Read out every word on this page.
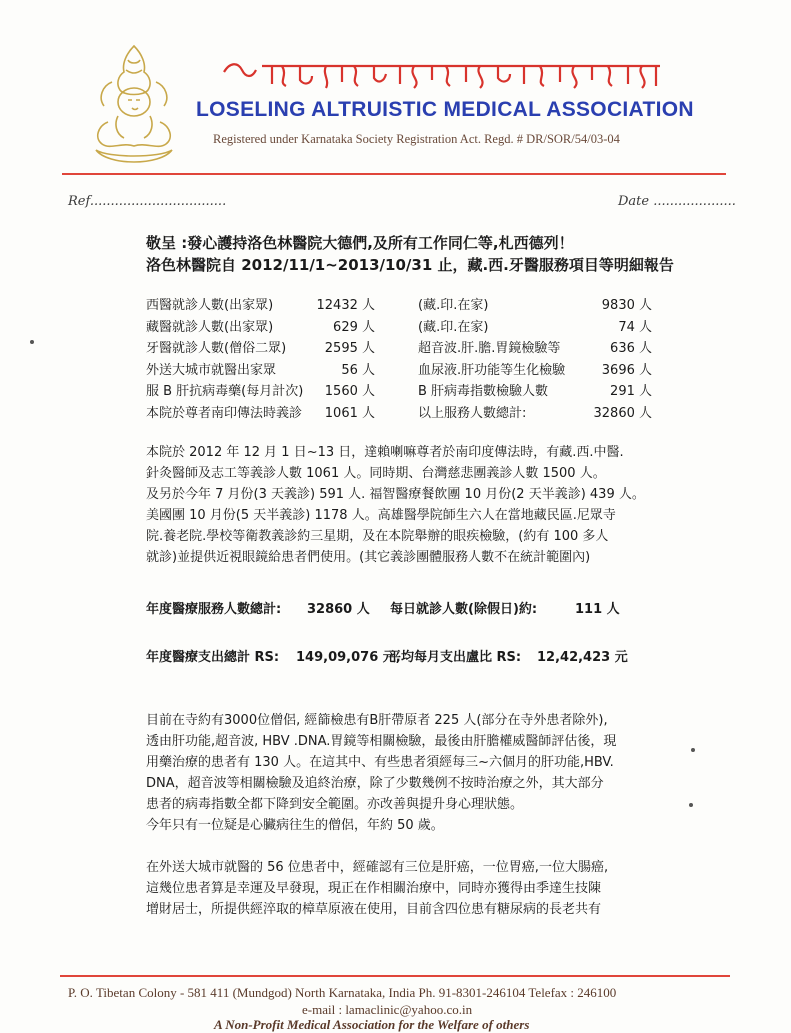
LOSELING ALTRUISTIC MEDICAL ASSOCIATION
Registered under Karnataka Society Registration Act. Regd. # DR/SOR/54/03-04
Ref.................................	Date ....................
敬呈 :發心護持洛色林醫院大德們,及所有工作同仁等,札西德列！
洛色林醫院自 2012/11/1~2013/10/31 止，藏.西.牙醫服務項目等明細報告
西醫就診人數(出家眾)	12432 人	(藏.印.在家)	9830 人
藏醫就診人數(出家眾)	629 人	(藏.印.在家)	74 人
牙醫就診人數(僧俗二眾)	2595 人	超音波.肝.膽.胃鏡檢驗等	636 人
外送大城市就醫出家眾	56 人	血尿液.肝功能等生化檢驗	3696 人
服 B 肝抗病毒藥(每月計次)	1560 人	B 肝病毒指數檢驗人數	291 人
本院於尊者南印傳法時義診	1061 人	以上服務人數總計:	32860 人
本院於 2012 年 12 月 1 日~13 日，達賴喇嘛尊者於南印度傳法時，有藏.西.中醫.
針灸醫師及志工等義診人數 1061 人。同時期、台灣慈悲團義診人數 1500 人。
及另於今年 7 月份(3 天義診) 591 人. 福智醫療餐飲團 10 月份(2 天半義診) 439 人。
美國團 10 月份(5 天半義診) 1178 人。高雄醫學院師生六人在當地藏民區.尼眾寺
院.養老院.學校等衛教義診約三星期，及在本院舉辦的眼疾檢驗，(約有 100 多人
就診)並提供近視眼鏡給患者們使用。(其它義診團體服務人數不在統計範圍內)
年度醫療服務人數總計: 32860 人 每日就診人數(除假日)約:	111 人
年度醫療支出總計 RS: 149,09,076 元,
平均每月支出盧比 RS: 12,42,423 元
目前在寺約有3000位僧侶, 經篩檢患有B肝帶原者 225 人(部分在寺外患者除外),
透由肝功能,超音波, HBV .DNA.胃鏡等相關檢驗，最後由肝膽權威醫師評估後，現
用藥治療的患者有 130 人。在這其中、有些患者須經每三~六個月的肝功能,HBV.
DNA，超音波等相關檢驗及追終治療，除了少數幾例不按時治療之外，其大部分
患者的病毒指數全都下降到安全範圍。亦改善與提升身心理狀態。
今年只有一位疑是心臟病往生的僧侶，年約 50 歲。
在外送大城市就醫的 56 位患者中，經確認有三位是肝癌，一位胃癌,一位大腸癌,
這幾位患者算是幸運及早發現，現正在作相關治療中，同時亦獲得由季達生技陳
增財居士，所提供經淬取的樟草原液在使用，目前含四位患有糖尿病的長老共有
P. O. Tibetan Colony - 581 411 (Mundgod) North Karnataka, India Ph. 91-8301-246104 Telefax : 246100
e-mail : lamaclinic@yahoo.co.in
A Non-Profit Medical Association for the Welfare of others
